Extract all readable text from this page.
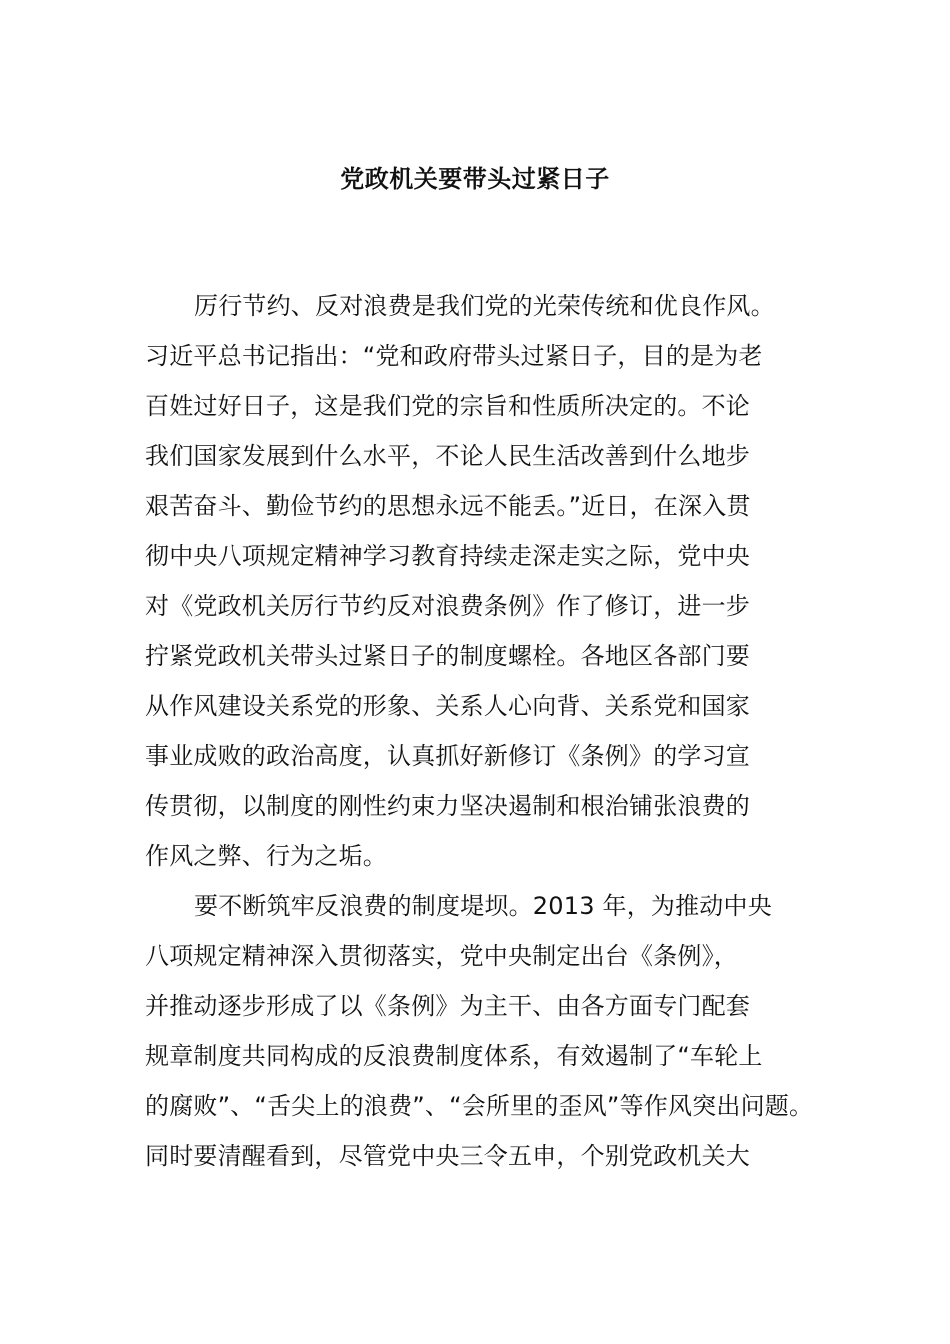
党政机关要带头过紧日子
厉行节约、反对浪费是我们党的光荣传统和优良作风。
习近平总书记指出：“党和政府带头过紧日子，目的是为老
百姓过好日子，这是我们党的宗旨和性质所决定的。不论
我们国家发展到什么水平，不论人民生活改善到什么地步
艰苦奋斗、勤俭节约的思想永远不能丢。”近日，在深入贯
彻中央八项规定精神学习教育持续走深走实之际，党中央
对《党政机关厉行节约反对浪费条例》作了修订，进一步
拧紧党政机关带头过紧日子的制度螺栓。各地区各部门要
从作风建设关系党的形象、关系人心向背、关系党和国家
事业成败的政治高度，认真抓好新修订《条例》的学习宣
传贯彻，以制度的刚性约束力坚决遏制和根治铺张浪费的
作风之弊、行为之垢。
要不断筑牢反浪费的制度堤坝。2013 年，为推动中央
八项规定精神深入贯彻落实，党中央制定出台《条例》，
并推动逐步形成了以《条例》为主干、由各方面专门配套
规章制度共同构成的反浪费制度体系，有效遏制了“车轮上
的腐败”、“舌尖上的浪费”、“会所里的歪风”等作风突出问题。
同时要清醒看到，尽管党中央三令五申，个别党政机关大
